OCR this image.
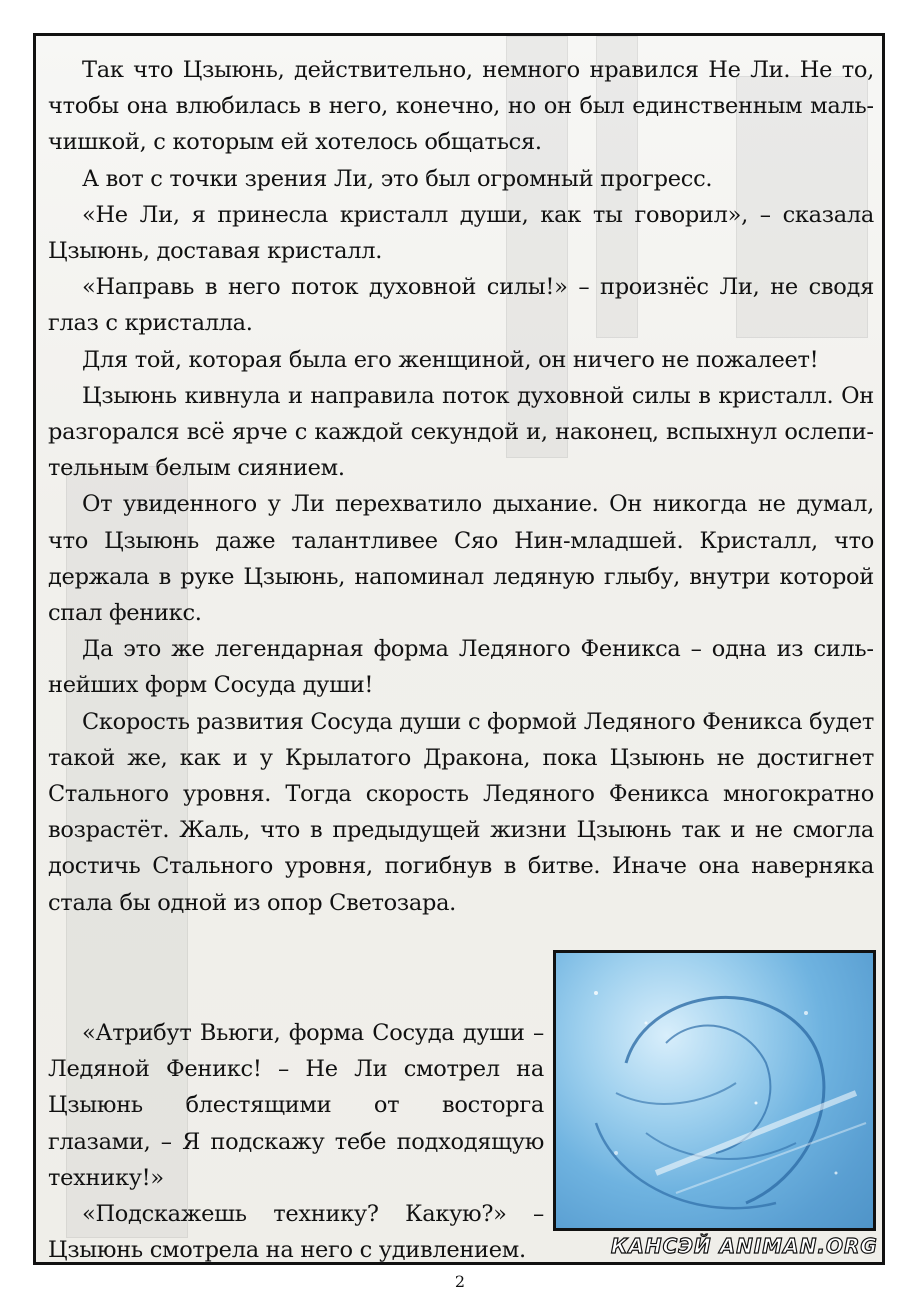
Так что Цзыюнь, действительно, немного нравился Не Ли. Не то, чтобы она влюбилась в него, конечно, но он был единственным мальчишкой, с которым ей хотелось общаться.

А вот с точки зрения Ли, это был огромный прогресс.

«Не Ли, я принесла кристалл души, как ты говорил», – сказала Цзыюнь, доставая кристалл.

«Направь в него поток духовной силы!» – произнёс Ли, не сводя глаз с кристалла.

Для той, которая была его женщиной, он ничего не пожалеет!

Цзыюнь кивнула и направила поток духовной силы в кристалл. Он разгорался всё ярче с каждой секундой и, наконец, вспыхнул ослепительным белым сиянием.

От увиденного у Ли перехватило дыхание. Он никогда не думал, что Цзыюнь даже талантливее Сяо Нин-младшей. Кристалл, что держала в руке Цзыюнь, напоминал ледяную глыбу, внутри которой спал феникс.

Да это же легендарная форма Ледяного Феникса – одна из сильнейших форм Сосуда души!

Скорость развития Сосуда души с формой Ледяного Феникса будет такой же, как и у Крылатого Дракона, пока Цзыюнь не достигнет Стального уровня. Тогда скорость Ледяного Феникса многократно возрастёт. Жаль, что в предыдущей жизни Цзыюнь так и не смогла достичь Стального уровня, погибнув в битве. Иначе она наверняка стала бы одной из опор Светозара.

«Атрибут Вьюги, форма Сосуда души – Ледяной Феникс! – Не Ли смотрел на Цзыюнь блестящими от восторга глазами, – Я подскажу тебе подходящую технику!»

«Подскажешь технику? Какую?» – Цзыюнь смотрела на него с удивлением.	КАНСЭЙ ANIMAN.ORG
2
